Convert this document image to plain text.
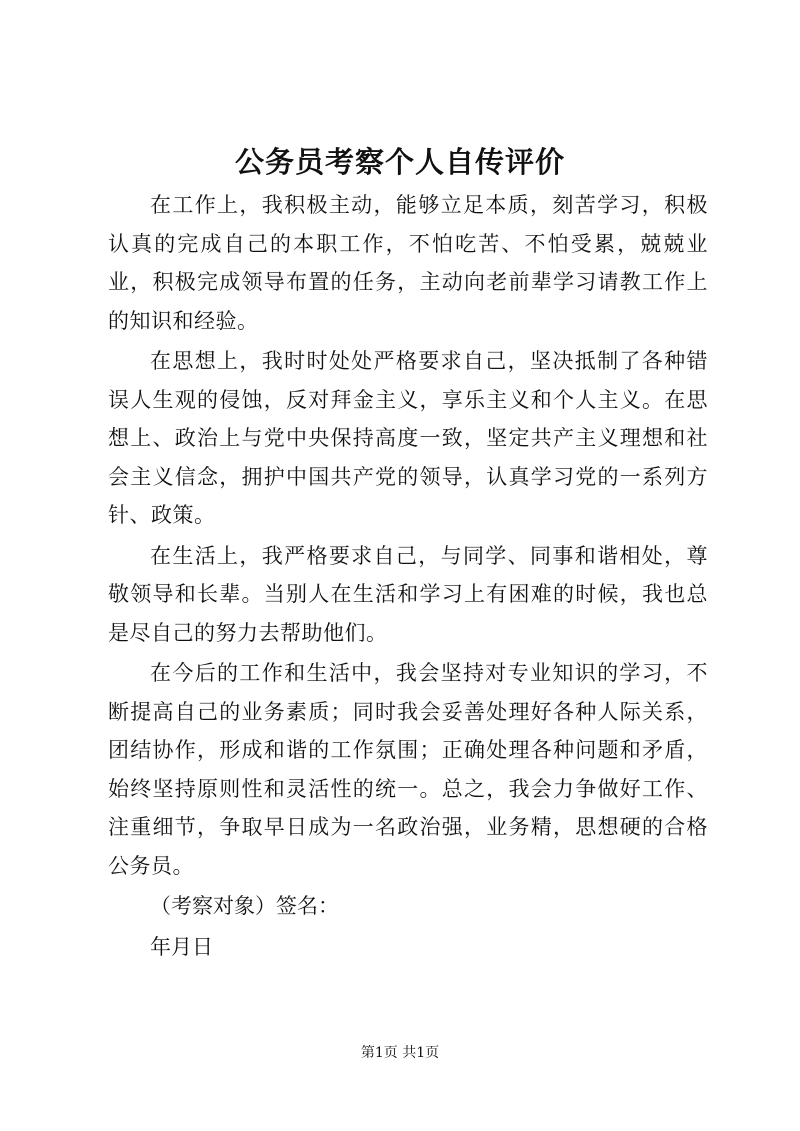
公务员考察个人自传评价

在工作上，我积极主动，能够立足本质，刻苦学习，积极认真的完成自己的本职工作，不怕吃苦、不怕受累，兢兢业业，积极完成领导布置的任务，主动向老前辈学习请教工作上的知识和经验。

在思想上，我时时处处严格要求自己，坚决抵制了各种错误人生观的侵蚀，反对拜金主义，享乐主义和个人主义。在思想上、政治上与党中央保持高度一致，坚定共产主义理想和社会主义信念，拥护中国共产党的领导，认真学习党的一系列方针、政策。

在生活上，我严格要求自己，与同学、同事和谐相处，尊敬领导和长辈。当别人在生活和学习上有困难的时候，我也总是尽自己的努力去帮助他们。

在今后的工作和生活中，我会坚持对专业知识的学习，不断提高自己的业务素质；同时我会妥善处理好各种人际关系，团结协作，形成和谐的工作氛围；正确处理各种问题和矛盾，始终坚持原则性和灵活性的统一。总之，我会力争做好工作、注重细节，争取早日成为一名政治强，业务精，思想硬的合格公务员。

（考察对象）签名：

年月日

第1页 共1页
